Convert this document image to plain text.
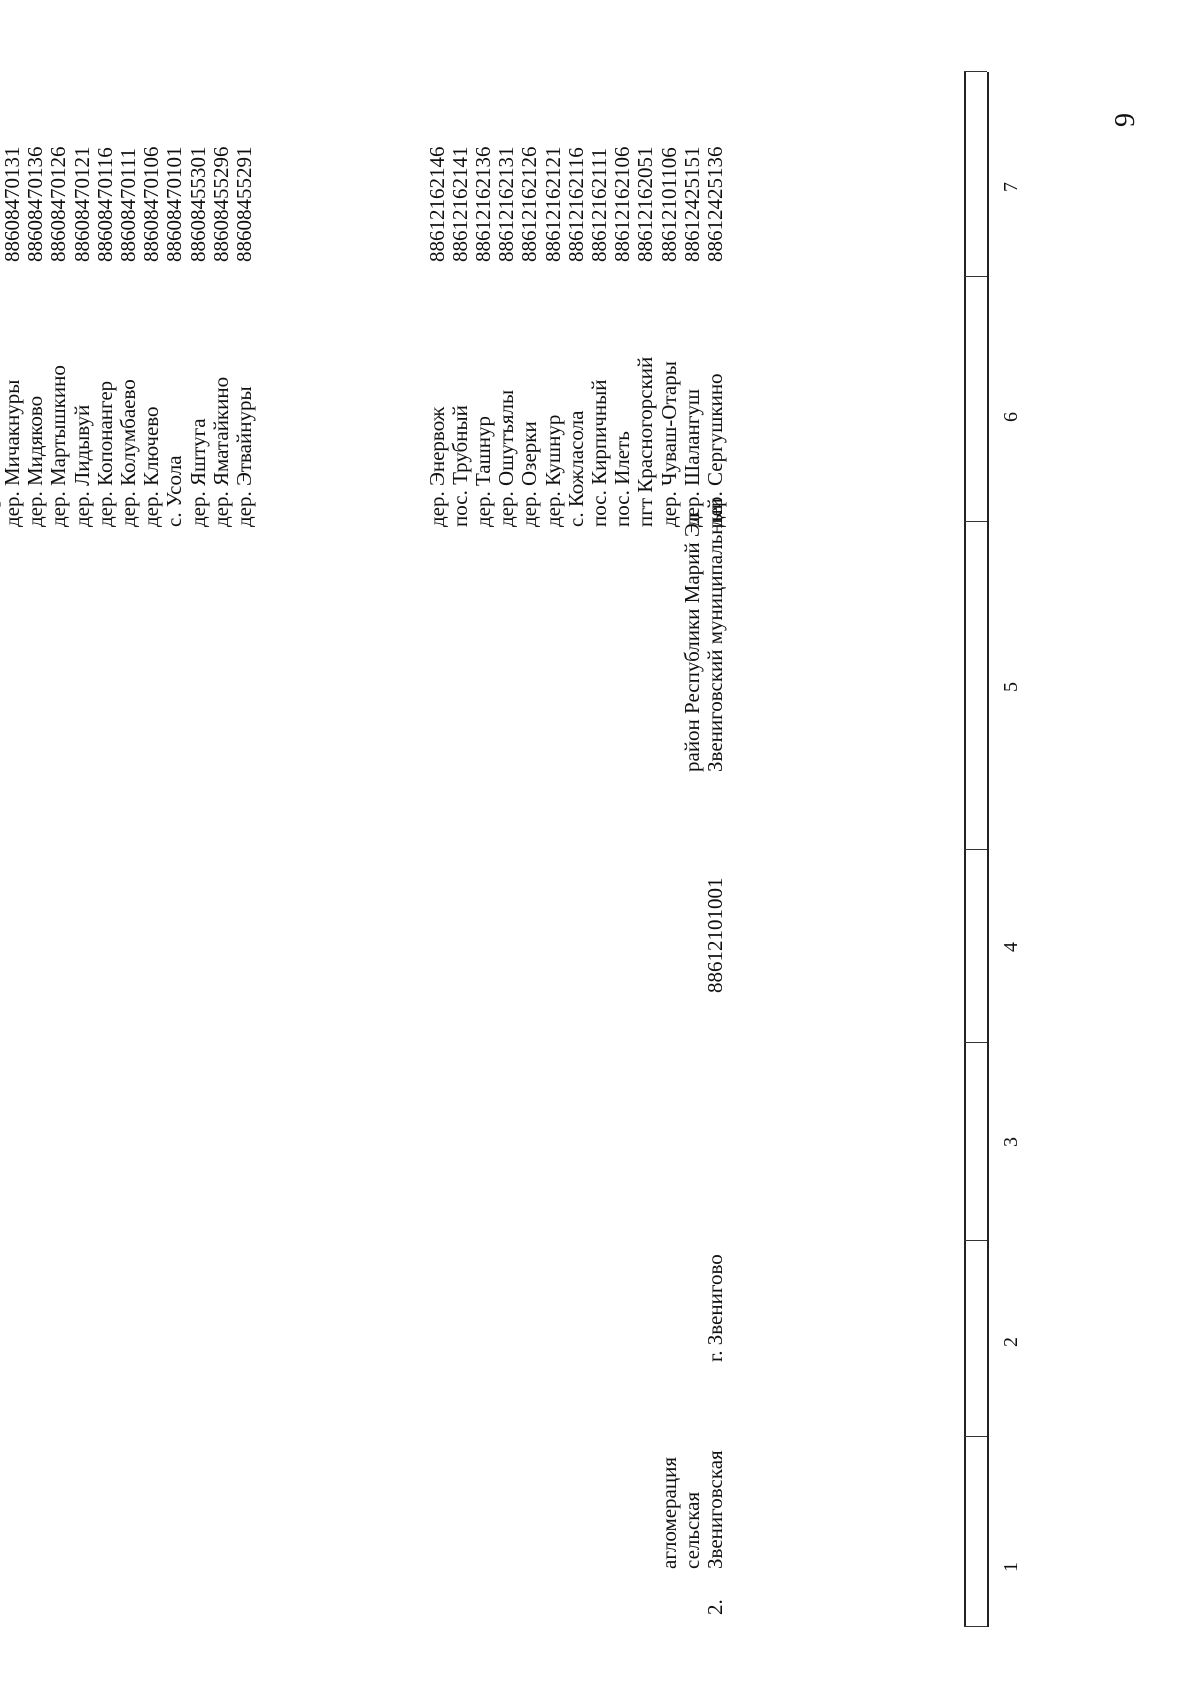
9
1
2
3
4
5
6
7
дер. Этвайнуры
дер. Яматайкино
дер. Яштуга
с. Усола
дер. Ключево
дер. Колумбаево
дер. Копонангер
дер. Лидывуй
дер. Мартышкино
дер. Мидяково
дер. Мичакнуры
88608455291
88608455296
88608455301
88608470101
88608470106
88608470111
88608470116
88608470121
88608470126
88608470136
88608470131
2.
Звениговская
сельская
агломерация
г. Звенигово
88612101001
Звениговский муниципальный
район Республики Марий Эл
дер. Сергушкино
дер. Шалангуш
дер. Чуваш-Отары
пгт Красногорский
пос. Илеть
пос. Кирпичный
с. Кожласола
дер. Кушнур
дер. Озерки
дер. Ошутъялы
дер. Ташнур
пос. Трубный
дер. Энервож
88612425136
88612425151
88612101106
88612162051
88612162106
88612162111
88612162116
88612162121
88612162126
88612162131
88612162136
88612162141
88612162146
